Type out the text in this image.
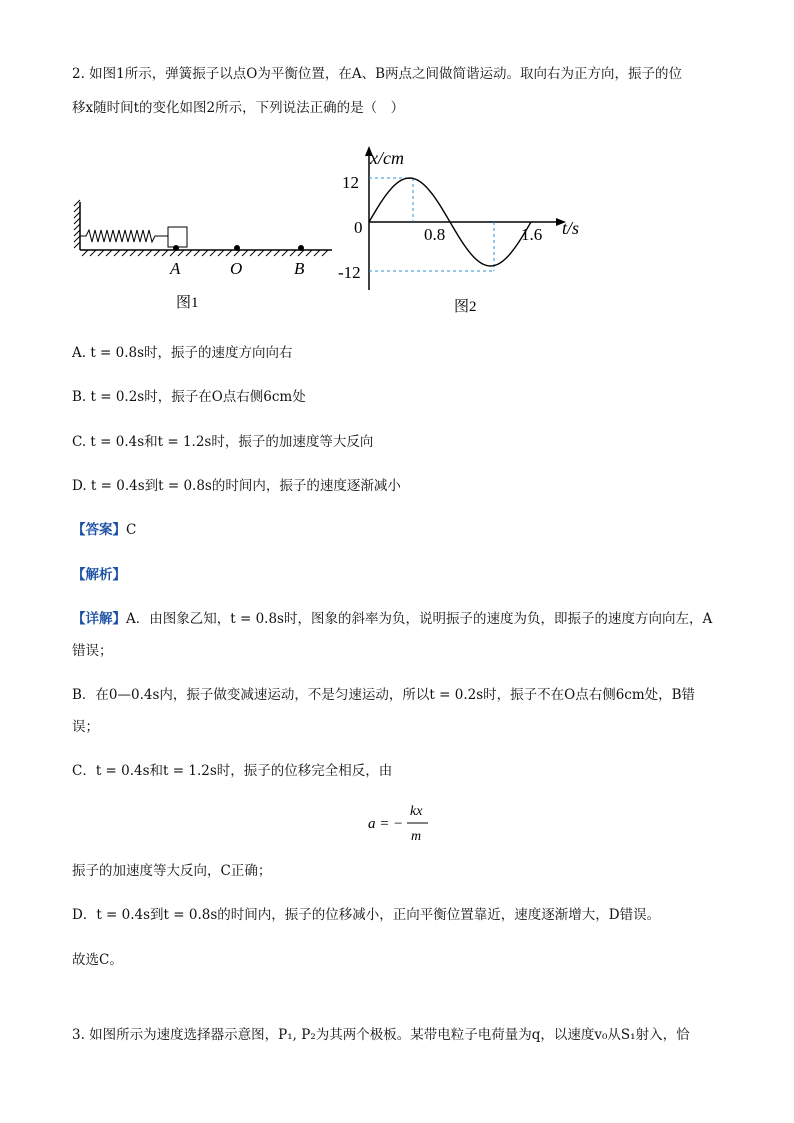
2. 如图1所示，弹簧振子以点O为平衡位置，在A、B两点之间做简谐运动。取向右为正方向，振子的位
移x随时间t的变化如图2所示，下列说法正确的是（　）
A	O	B
图1
x/cm
t/s
12
0
-12
0.8	1.6
图2
A. t = 0.8s时，振子的速度方向向右
B. t = 0.2s时，振子在O点右侧6cm处
C. t = 0.4s和t = 1.2s时，振子的加速度等大反向
D. t = 0.4s到t = 0.8s的时间内，振子的速度逐渐减小
【答案】C
【解析】
【详解】A．由图象乙知，t = 0.8s时，图象的斜率为负，说明振子的速度为负，即振子的速度方向向左，A
错误；
B．在0—0.4s内，振子做变减速运动，不是匀速运动，所以t = 0.2s时，振子不在O点右侧6cm处，B错
误；
C．t = 0.4s和t = 1.2s时，振子的位移完全相反，由
a = −
kx
m
振子的加速度等大反向，C正确；
D．t = 0.4s到t = 0.8s的时间内，振子的位移减小，正向平衡位置靠近，速度逐渐增大，D错误。
故选C。
3. 如图所示为速度选择器示意图，P₁, P₂为其两个极板。某带电粒子电荷量为q，以速度v₀从S₁射入，恰
